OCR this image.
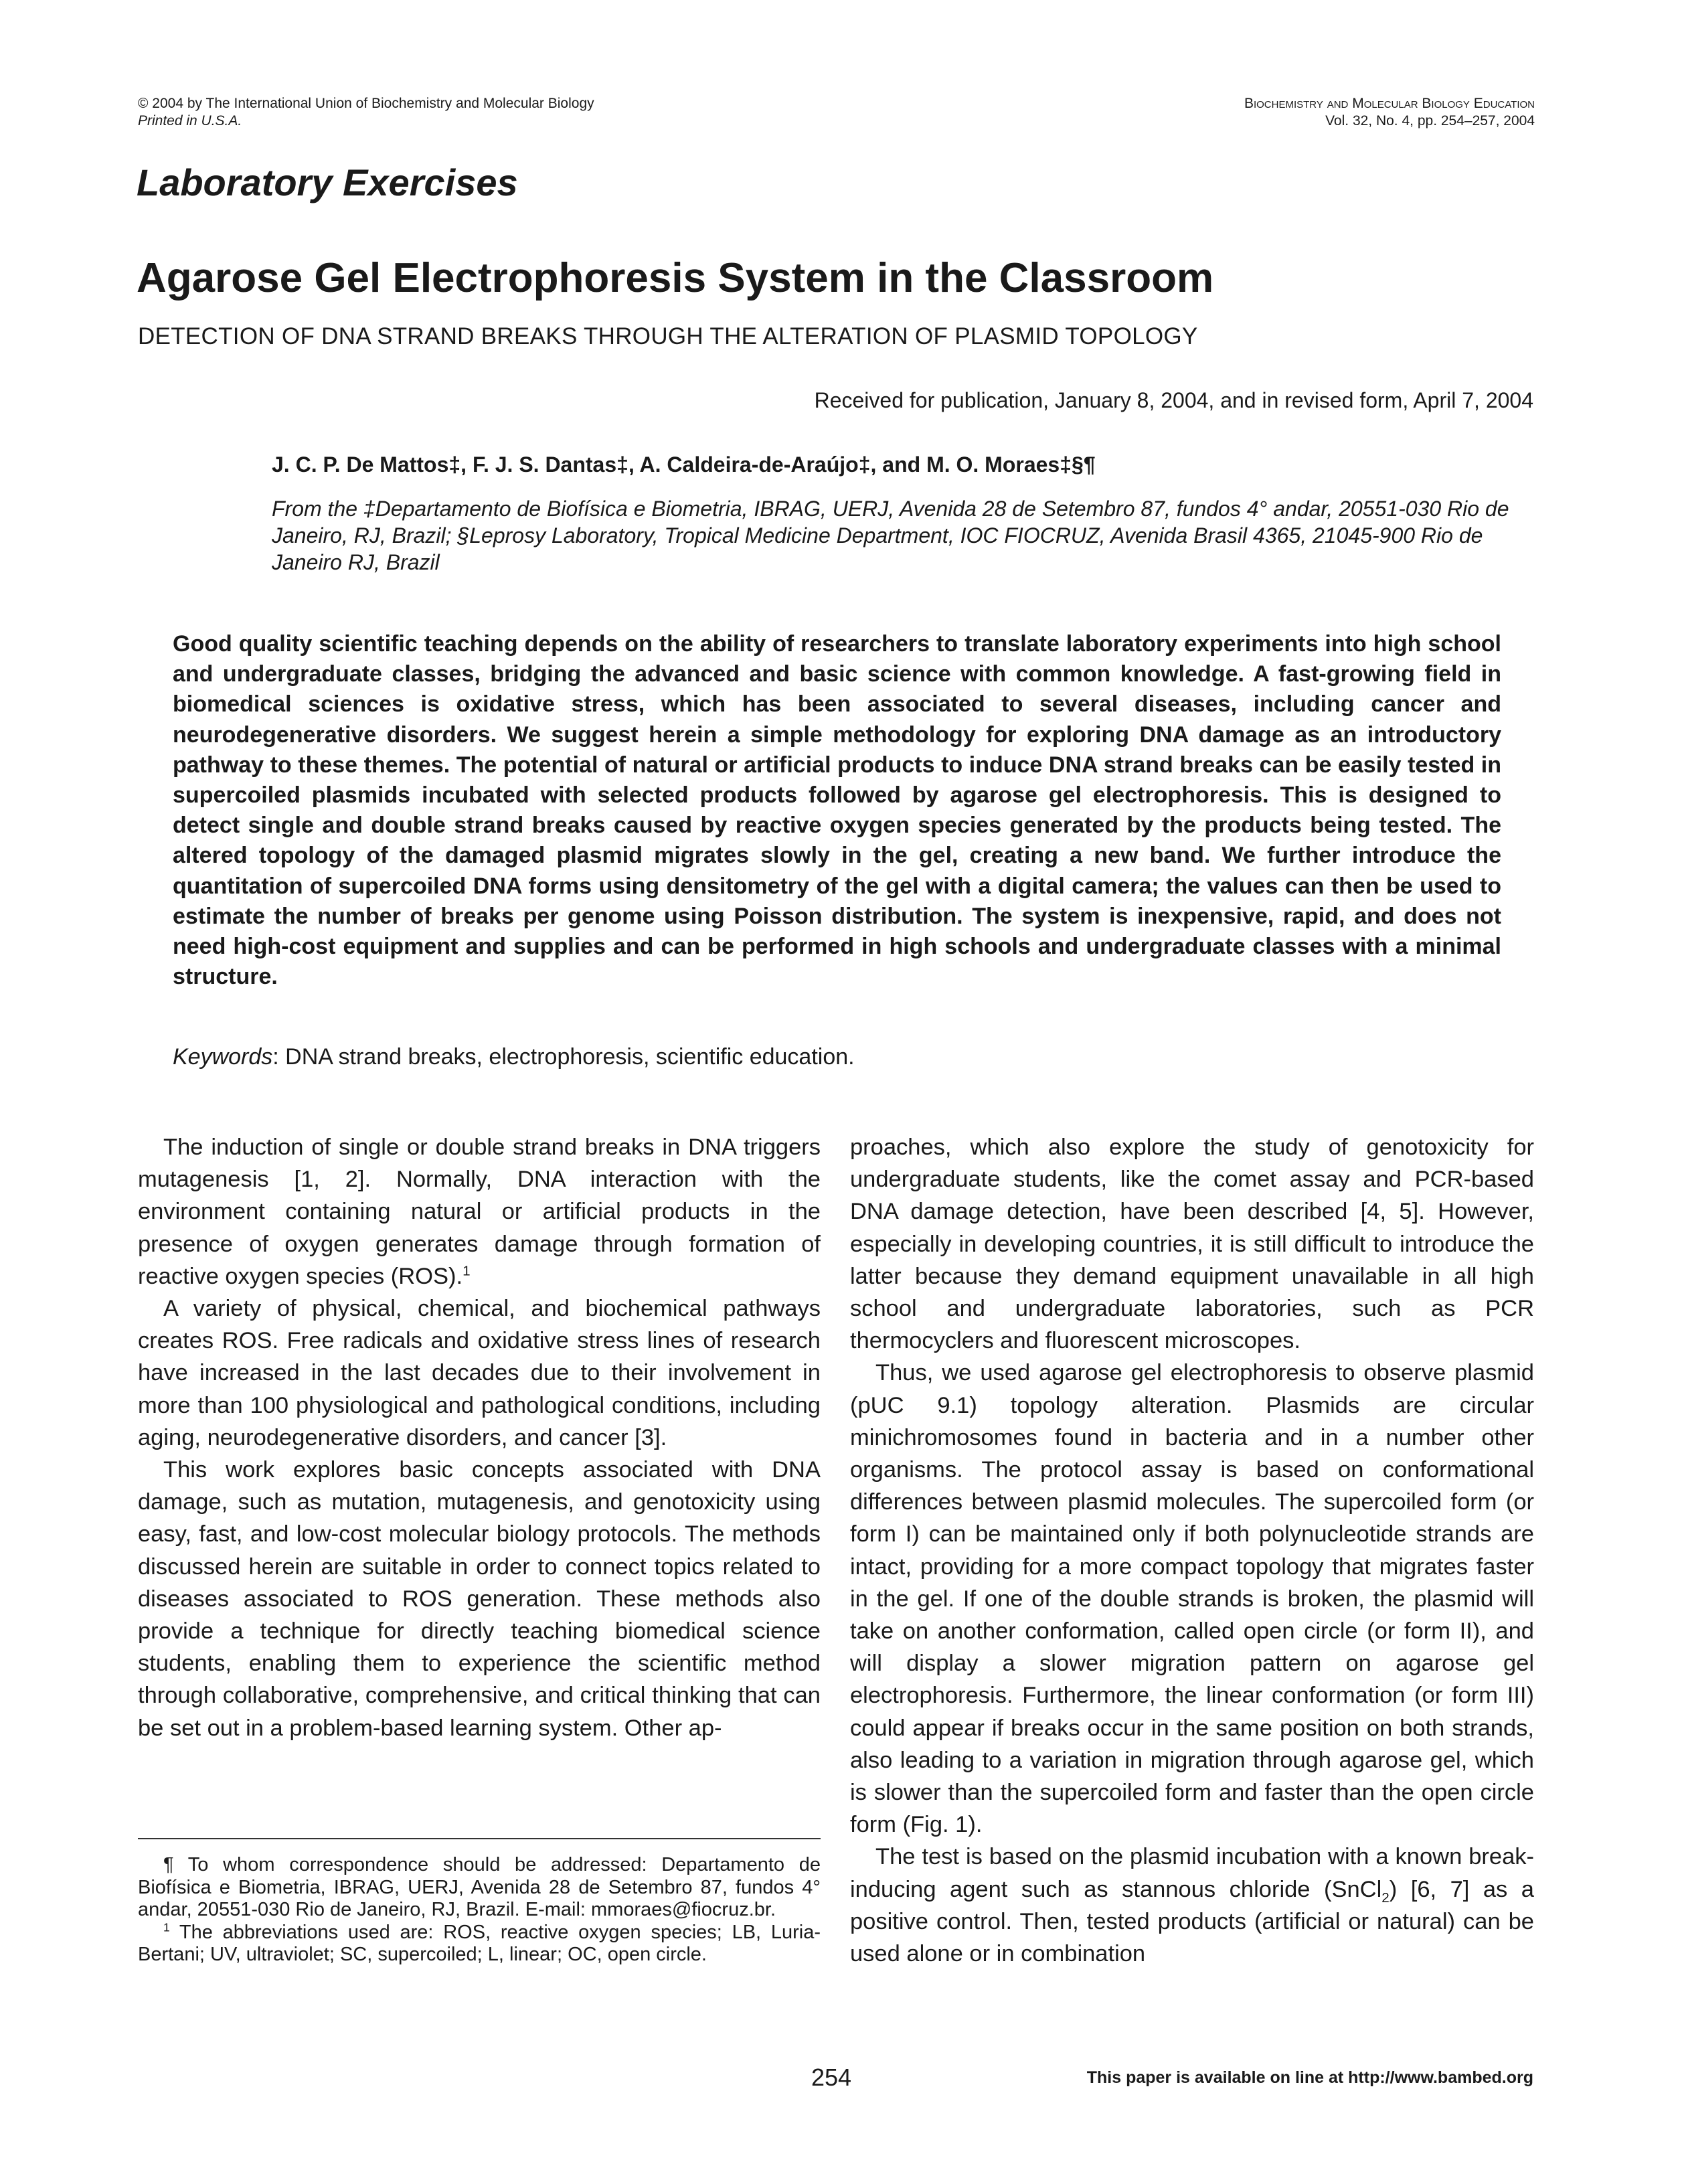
© 2004 by The International Union of Biochemistry and Molecular Biology
Printed in U.S.A.
Biochemistry and Molecular Biology Education
Vol. 32, No. 4, pp. 254–257, 2004
Laboratory Exercises
Agarose Gel Electrophoresis System in the Classroom
DETECTION OF DNA STRAND BREAKS THROUGH THE ALTERATION OF PLASMID TOPOLOGY
Received for publication, January 8, 2004, and in revised form, April 7, 2004
J. C. P. De Mattos‡, F. J. S. Dantas‡, A. Caldeira-de-Araújo‡, and M. O. Moraes‡§¶
From the ‡Departamento de Biofísica e Biometria, IBRAG, UERJ, Avenida 28 de Setembro 87, fundos 4° andar, 20551-030 Rio de Janeiro, RJ, Brazil; §Leprosy Laboratory, Tropical Medicine Department, IOC FIOCRUZ, Avenida Brasil 4365, 21045-900 Rio de Janeiro RJ, Brazil
Good quality scientific teaching depends on the ability of researchers to translate laboratory experiments into high school and undergraduate classes, bridging the advanced and basic science with common knowledge. A fast-growing field in biomedical sciences is oxidative stress, which has been associated to several diseases, including cancer and neurodegenerative disorders. We suggest herein a simple methodology for exploring DNA damage as an introductory pathway to these themes. The potential of natural or artificial products to induce DNA strand breaks can be easily tested in supercoiled plasmids incubated with selected products followed by agarose gel electrophoresis. This is designed to detect single and double strand breaks caused by reactive oxygen species generated by the products being tested. The altered topology of the damaged plasmid migrates slowly in the gel, creating a new band. We further introduce the quantitation of supercoiled DNA forms using densitometry of the gel with a digital camera; the values can then be used to estimate the number of breaks per genome using Poisson distribution. The system is inexpensive, rapid, and does not need high-cost equipment and supplies and can be performed in high schools and undergraduate classes with a minimal structure.
Keywords: DNA strand breaks, electrophoresis, scientific education.

The induction of single or double strand breaks in DNA triggers mutagenesis [1, 2]. Normally, DNA interaction with the environment containing natural or artificial products in the presence of oxygen generates damage through formation of reactive oxygen species (ROS).$^1$

A variety of physical, chemical, and biochemical pathways creates ROS. Free radicals and oxidative stress lines of research have increased in the last decades due to their involvement in more than 100 physiological and pathological conditions, including aging, neurodegenerative disorders, and cancer [3].

This work explores basic concepts associated with DNA damage, such as mutation, mutagenesis, and genotoxicity using easy, fast, and low-cost molecular biology protocols. The methods discussed herein are suitable in order to connect topics related to diseases associated to ROS generation. These methods also provide a technique for directly teaching biomedical science students, enabling them to experience the scientific method through collaborative, comprehensive, and critical thinking that can be set out in a problem-based learning system. Other ap-

proaches, which also explore the study of genotoxicity for undergraduate students, like the comet assay and PCR-based DNA damage detection, have been described [4, 5]. However, especially in developing countries, it is still difficult to introduce the latter because they demand equipment unavailable in all high school and undergraduate laboratories, such as PCR thermocyclers and fluorescent microscopes.

Thus, we used agarose gel electrophoresis to observe plasmid (pUC 9.1) topology alteration. Plasmids are circular minichromosomes found in bacteria and in a number other organisms. The protocol assay is based on conformational differences between plasmid molecules. The supercoiled form (or form I) can be maintained only if both polynucleotide strands are intact, providing for a more compact topology that migrates faster in the gel. If one of the double strands is broken, the plasmid will take on another conformation, called open circle (or form II), and will display a slower migration pattern on agarose gel electrophoresis. Furthermore, the linear conformation (or form III) could appear if breaks occur in the same position on both strands, also leading to a variation in migration through agarose gel, which is slower than the supercoiled form and faster than the open circle form (Fig. 1).

The test is based on the plasmid incubation with a known break-inducing agent such as stannous chloride (SnCl$_2$) [6, 7] as a positive control. Then, tested products (artificial or natural) can be used alone or in combination

¶ To whom correspondence should be addressed: Departamento de Biofísica e Biometria, IBRAG, UERJ, Avenida 28 de Setembro 87, fundos 4° andar, 20551-030 Rio de Janeiro, RJ, Brazil. E-mail: mmoraes@fiocruz.br.

$^1$ The abbreviations used are: ROS, reactive oxygen species; LB, Luria-Bertani; UV, ultraviolet; SC, supercoiled; L, linear; OC, open circle.

254	This paper is available on line at http://www.bambed.org
